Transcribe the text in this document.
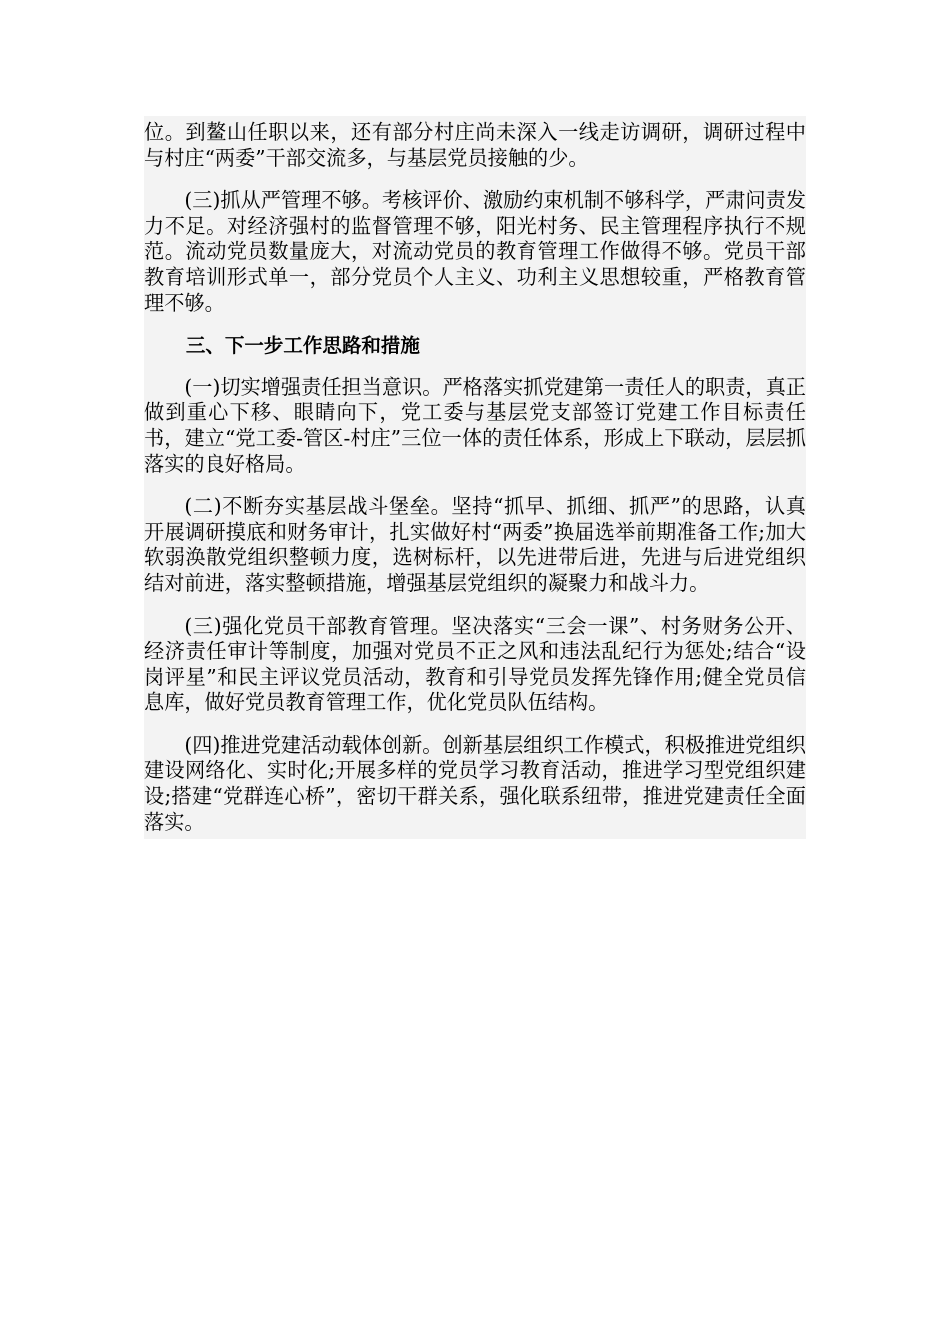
位。到鳌山任职以来，还有部分村庄尚未深入一线走访调研，调研过程中与村庄“两委”干部交流多，与基层党员接触的少。

(三)抓从严管理不够。考核评价、激励约束机制不够科学，严肃问责发力不足。对经济强村的监督管理不够，阳光村务、民主管理程序执行不规范。流动党员数量庞大，对流动党员的教育管理工作做得不够。党员干部教育培训形式单一，部分党员个人主义、功利主义思想较重，严格教育管理不够。

三、下一步工作思路和措施

(一)切实增强责任担当意识。严格落实抓党建第一责任人的职责，真正做到重心下移、眼睛向下，党工委与基层党支部签订党建工作目标责任书，建立“党工委-管区-村庄”三位一体的责任体系，形成上下联动，层层抓落实的良好格局。

(二)不断夯实基层战斗堡垒。坚持“抓早、抓细、抓严”的思路，认真开展调研摸底和财务审计，扎实做好村“两委”换届选举前期准备工作;加大软弱涣散党组织整顿力度，选树标杆，以先进带后进，先进与后进党组织结对前进，落实整顿措施，增强基层党组织的凝聚力和战斗力。

(三)强化党员干部教育管理。坚决落实“三会一课”、村务财务公开、经济责任审计等制度，加强对党员不正之风和违法乱纪行为惩处;结合“设岗评星”和民主评议党员活动，教育和引导党员发挥先锋作用;健全党员信息库，做好党员教育管理工作，优化党员队伍结构。

(四)推进党建活动载体创新。创新基层组织工作模式，积极推进党组织建设网络化、实时化;开展多样的党员学习教育活动，推进学习型党组织建设;搭建“党群连心桥”，密切干群关系，强化联系纽带，推进党建责任全面落实。
